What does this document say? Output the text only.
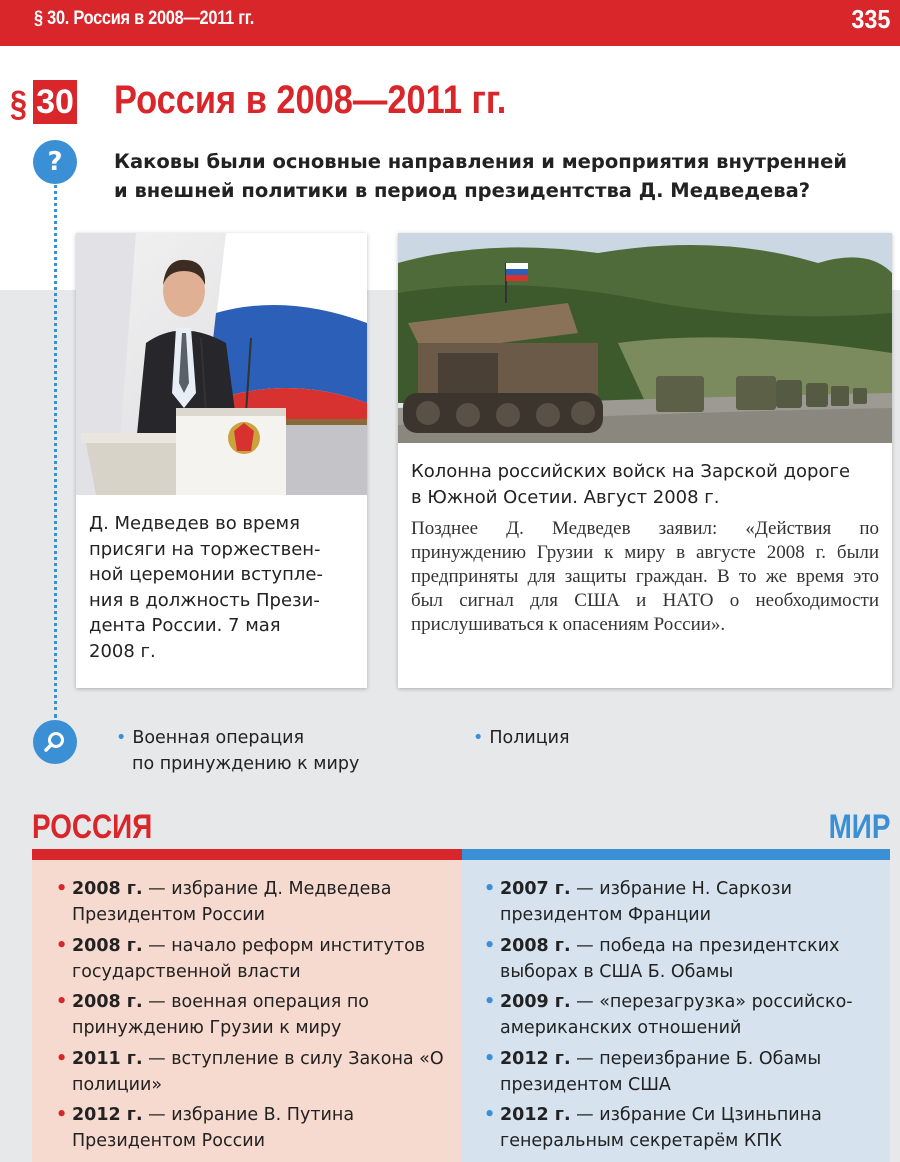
§ 30. Россия в 2008—2011 гг.	335
§ 30 Россия в 2008—2011 гг.
?	Каковы были основные направления и мероприятия внутренней
и внешней политики в период президентства Д. Медведева?
Д. Медведев во время
присяги на торжествен-
ной церемонии вступле-
ния в должность Прези-
дента России. 7 мая
2008 г.
Колонна российских войск на Зарской дороге
в Южной Осетии. Август 2008 г.
Позднее Д. Медведев заявил: «Действия по принуждению Грузии к миру в августе 2008 г. были предприняты для защиты граждан. В то же время это был сигнал для США и НАТО о необходимости прислушиваться к опасениям России».
• Военная операция
по принуждению к миру
• Полиция
РОССИЯ	МИР
• 2008 г. — избрание Д. Медведева Президентом России
• 2008 г. — начало реформ институтов государственной власти
• 2008 г. — военная операция по принуждению Грузии к миру
• 2011 г. — вступление в силу Закона «О полиции»
• 2012 г. — избрание В. Путина Президентом России
• 2007 г. — избрание Н. Саркози президентом Франции
• 2008 г. — победа на президентских выборах в США Б. Обамы
• 2009 г. — «перезагрузка» российско-американских отношений
• 2012 г. — переизбрание Б. Обамы президентом США
• 2012 г. — избрание Си Цзиньпина генеральным секретарём КПК
